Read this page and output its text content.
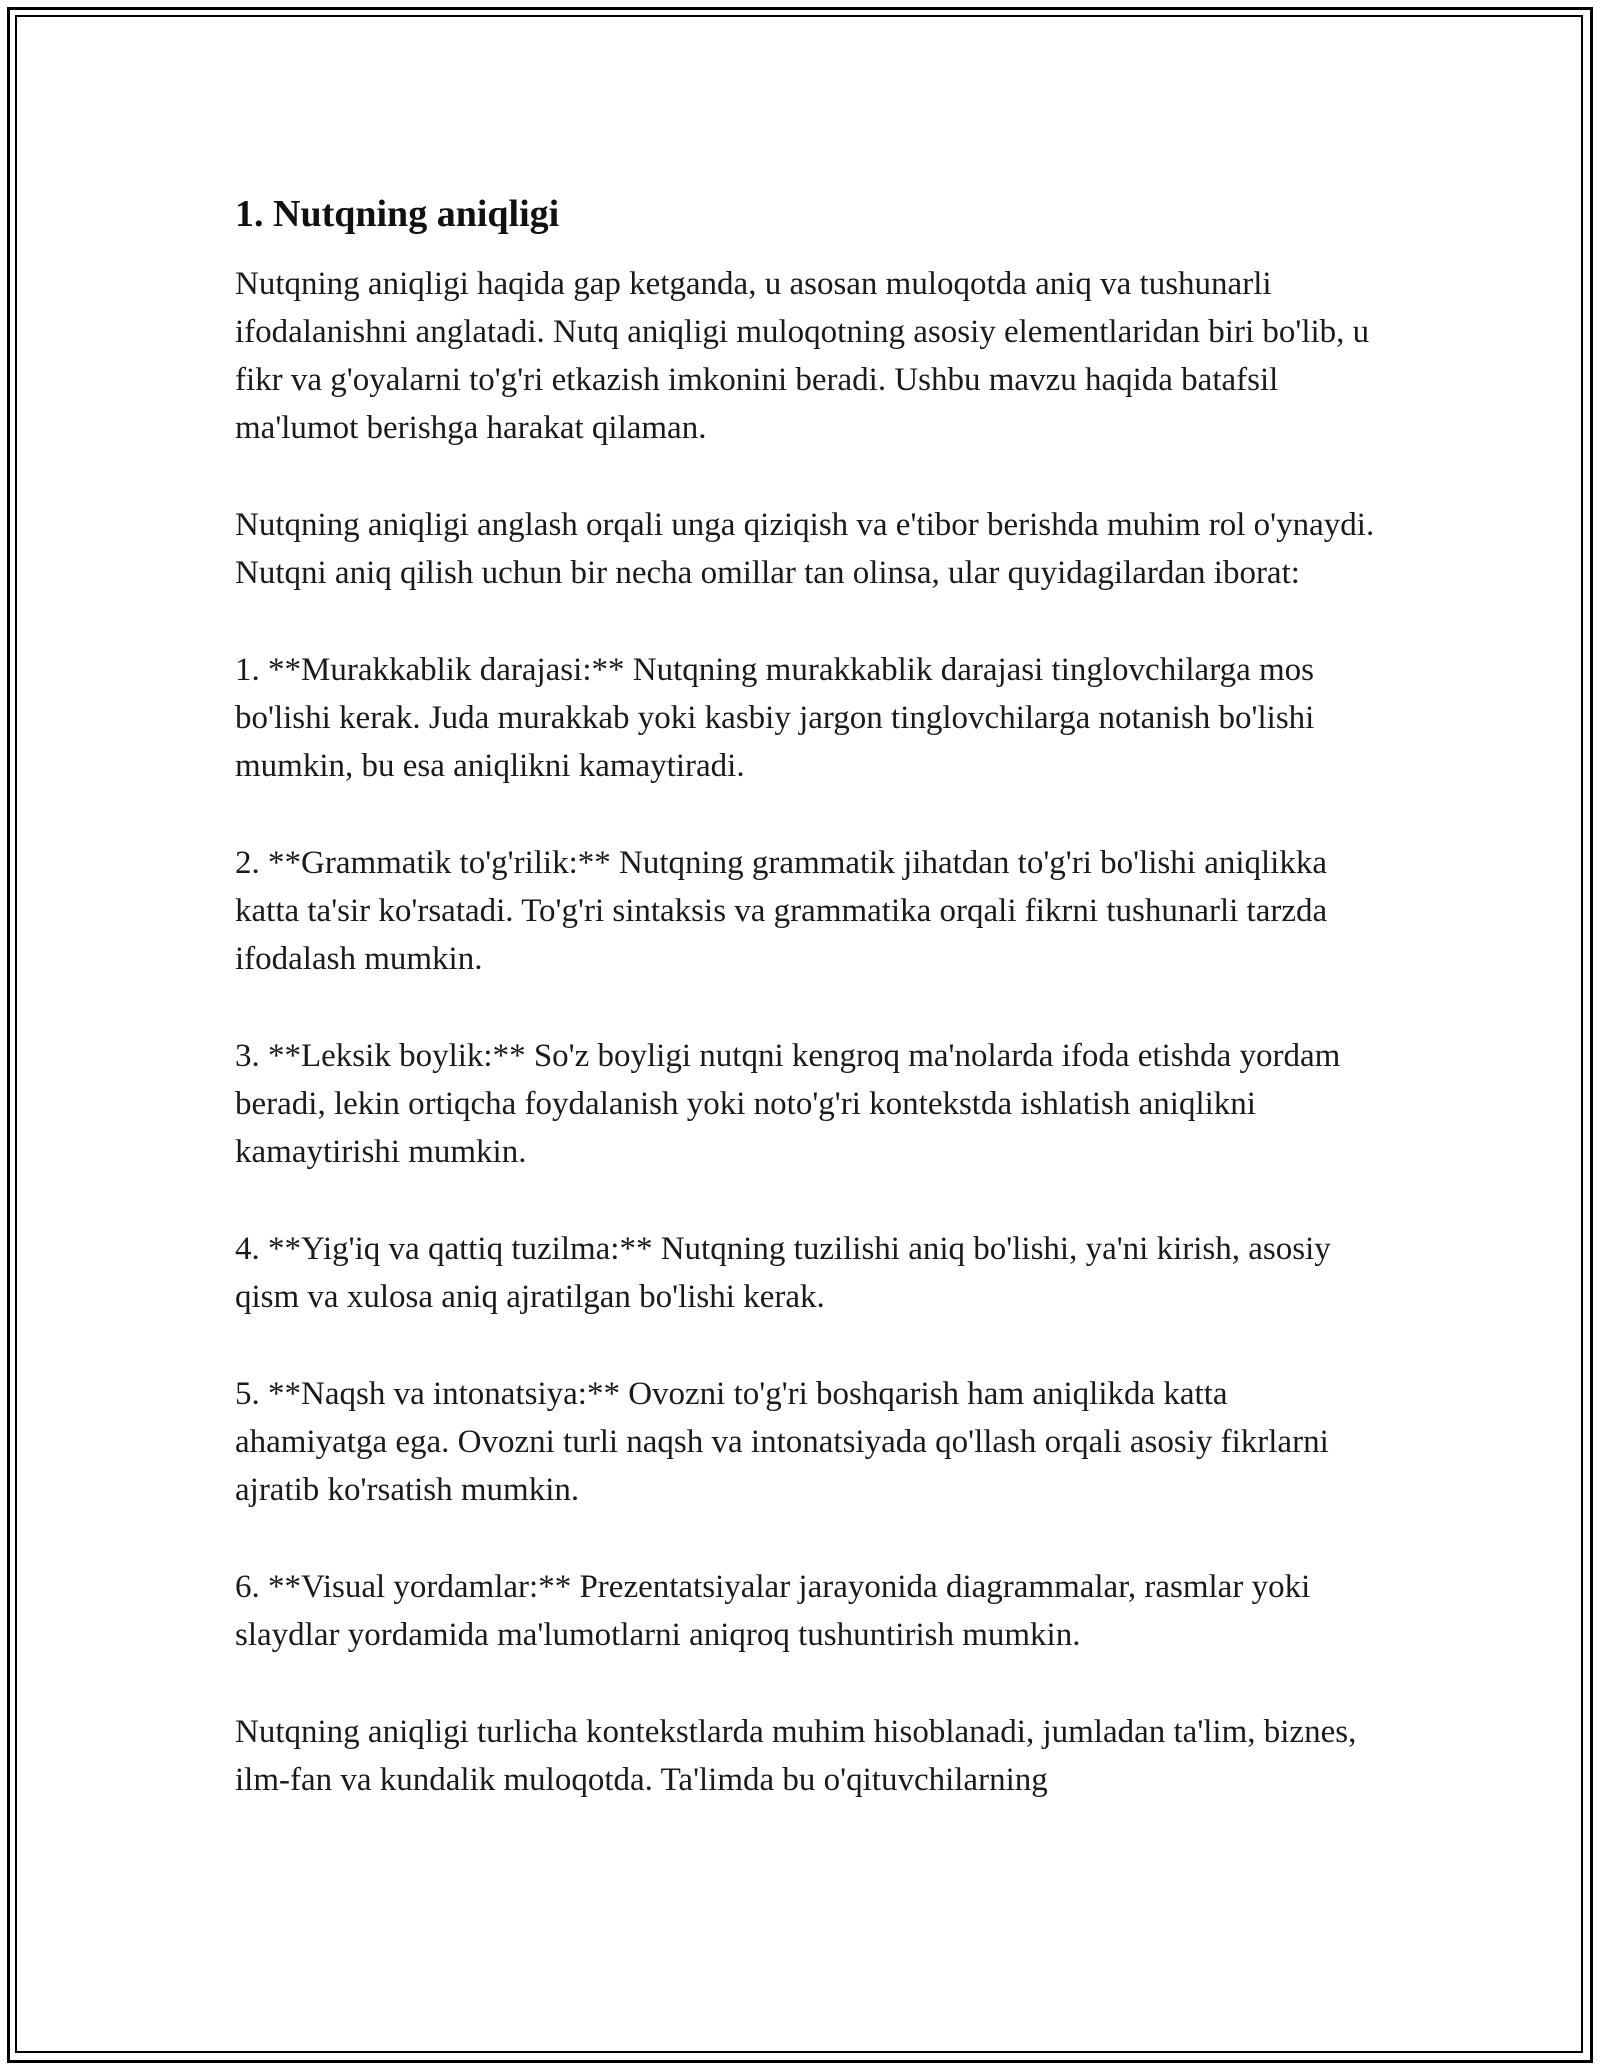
1. Nutqning aniqligi

Nutqning aniqligi haqida gap ketganda, u asosan muloqotda aniq va tushunarli ifodalanishni anglatadi. Nutq aniqligi muloqotning asosiy elementlaridan biri bo'lib, u fikr va g'oyalarni to'g'ri etkazish imkonini beradi. Ushbu mavzu haqida batafsil ma'lumot berishga harakat qilaman.

Nutqning aniqligi anglash orqali unga qiziqish va e'tibor berishda muhim rol o'ynaydi. Nutqni aniq qilish uchun bir necha omillar tan olinsa, ular quyidagilardan iborat:

1. **Murakkablik darajasi:** Nutqning murakkablik darajasi tinglovchilarga mos bo'lishi kerak. Juda murakkab yoki kasbiy jargon tinglovchilarga notanish bo'lishi mumkin, bu esa aniqlikni kamaytiradi.

2. **Grammatik to'g'rilik:** Nutqning grammatik jihatdan to'g'ri bo'lishi aniqlikka katta ta'sir ko'rsatadi. To'g'ri sintaksis va grammatika orqali fikrni tushunarli tarzda ifodalash mumkin.

3. **Leksik boylik:** So'z boyligi nutqni kengroq ma'nolarda ifoda etishda yordam beradi, lekin ortiqcha foydalanish yoki noto'g'ri kontekstda ishlatish aniqlikni kamaytirishi mumkin.

4. **Yig'iq va qattiq tuzilma:** Nutqning tuzilishi aniq bo'lishi, ya'ni kirish, asosiy qism va xulosa aniq ajratilgan bo'lishi kerak.

5. **Naqsh va intonatsiya:** Ovozni to'g'ri boshqarish ham aniqlikda katta ahamiyatga ega. Ovozni turli naqsh va intonatsiyada qo'llash orqali asosiy fikrlarni ajratib ko'rsatish mumkin.

6. **Visual yordamlar:** Prezentatsiyalar jarayonida diagrammalar, rasmlar yoki slaydlar yordamida ma'lumotlarni aniqroq tushuntirish mumkin.

Nutqning aniqligi turlicha kontekstlarda muhim hisoblanadi, jumladan ta'lim, biznes, ilm-fan va kundalik muloqotda. Ta'limda bu o'qituvchilarning
